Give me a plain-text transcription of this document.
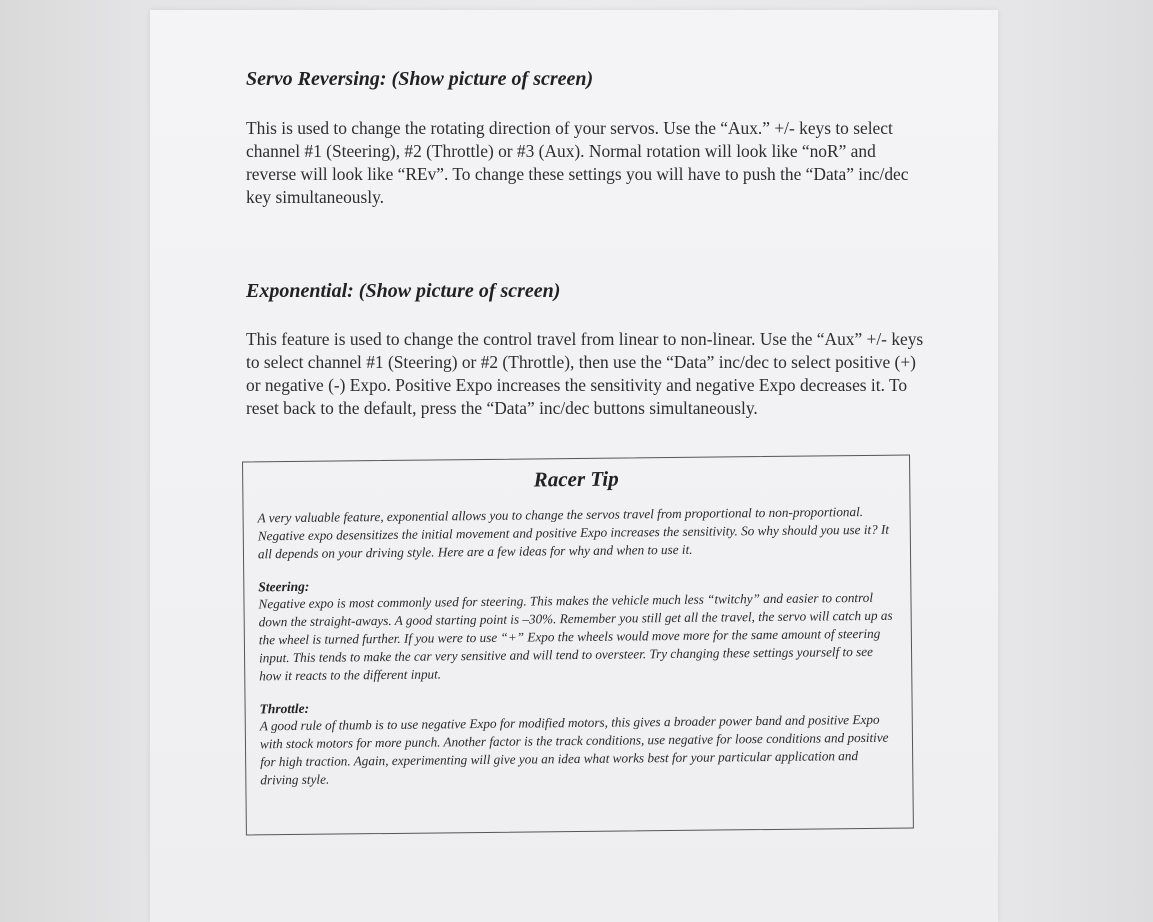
Servo Reversing: (Show picture of screen)

This is used to change the rotating direction of your servos. Use the “Aux.” +/- keys to select channel #1 (Steering), #2 (Throttle) or #3 (Aux). Normal rotation will look like “noR” and reverse will look like “REv”. To change these settings you will have to push the “Data” inc/dec key simultaneously.

Exponential: (Show picture of screen)

This feature is used to change the control travel from linear to non-linear. Use the “Aux” +/- keys to select channel #1 (Steering) or #2 (Throttle), then use the “Data” inc/dec to select positive (+) or negative (-) Expo. Positive Expo increases the sensitivity and negative Expo decreases it. To reset back to the default, press the “Data” inc/dec buttons simultaneously.

Racer Tip

A very valuable feature, exponential allows you to change the servos travel from proportional to non-proportional. Negative expo desensitizes the initial movement and positive Expo increases the sensitivity. So why should you use it? It all depends on your driving style. Here are a few ideas for why and when to use it.

Steering:

Negative expo is most commonly used for steering. This makes the vehicle much less “twitchy” and easier to control down the straight-aways. A good starting point is –30%. Remember you still get all the travel, the servo will catch up as the wheel is turned further. If you were to use “+” Expo the wheels would move more for the same amount of steering input. This tends to make the car very sensitive and will tend to oversteer. Try changing these settings yourself to see how it reacts to the different input.

Throttle:

A good rule of thumb is to use negative Expo for modified motors, this gives a broader power band and positive Expo with stock motors for more punch. Another factor is the track conditions, use negative for loose conditions and positive for high traction. Again, experimenting will give you an idea what works best for your particular application and driving style.
